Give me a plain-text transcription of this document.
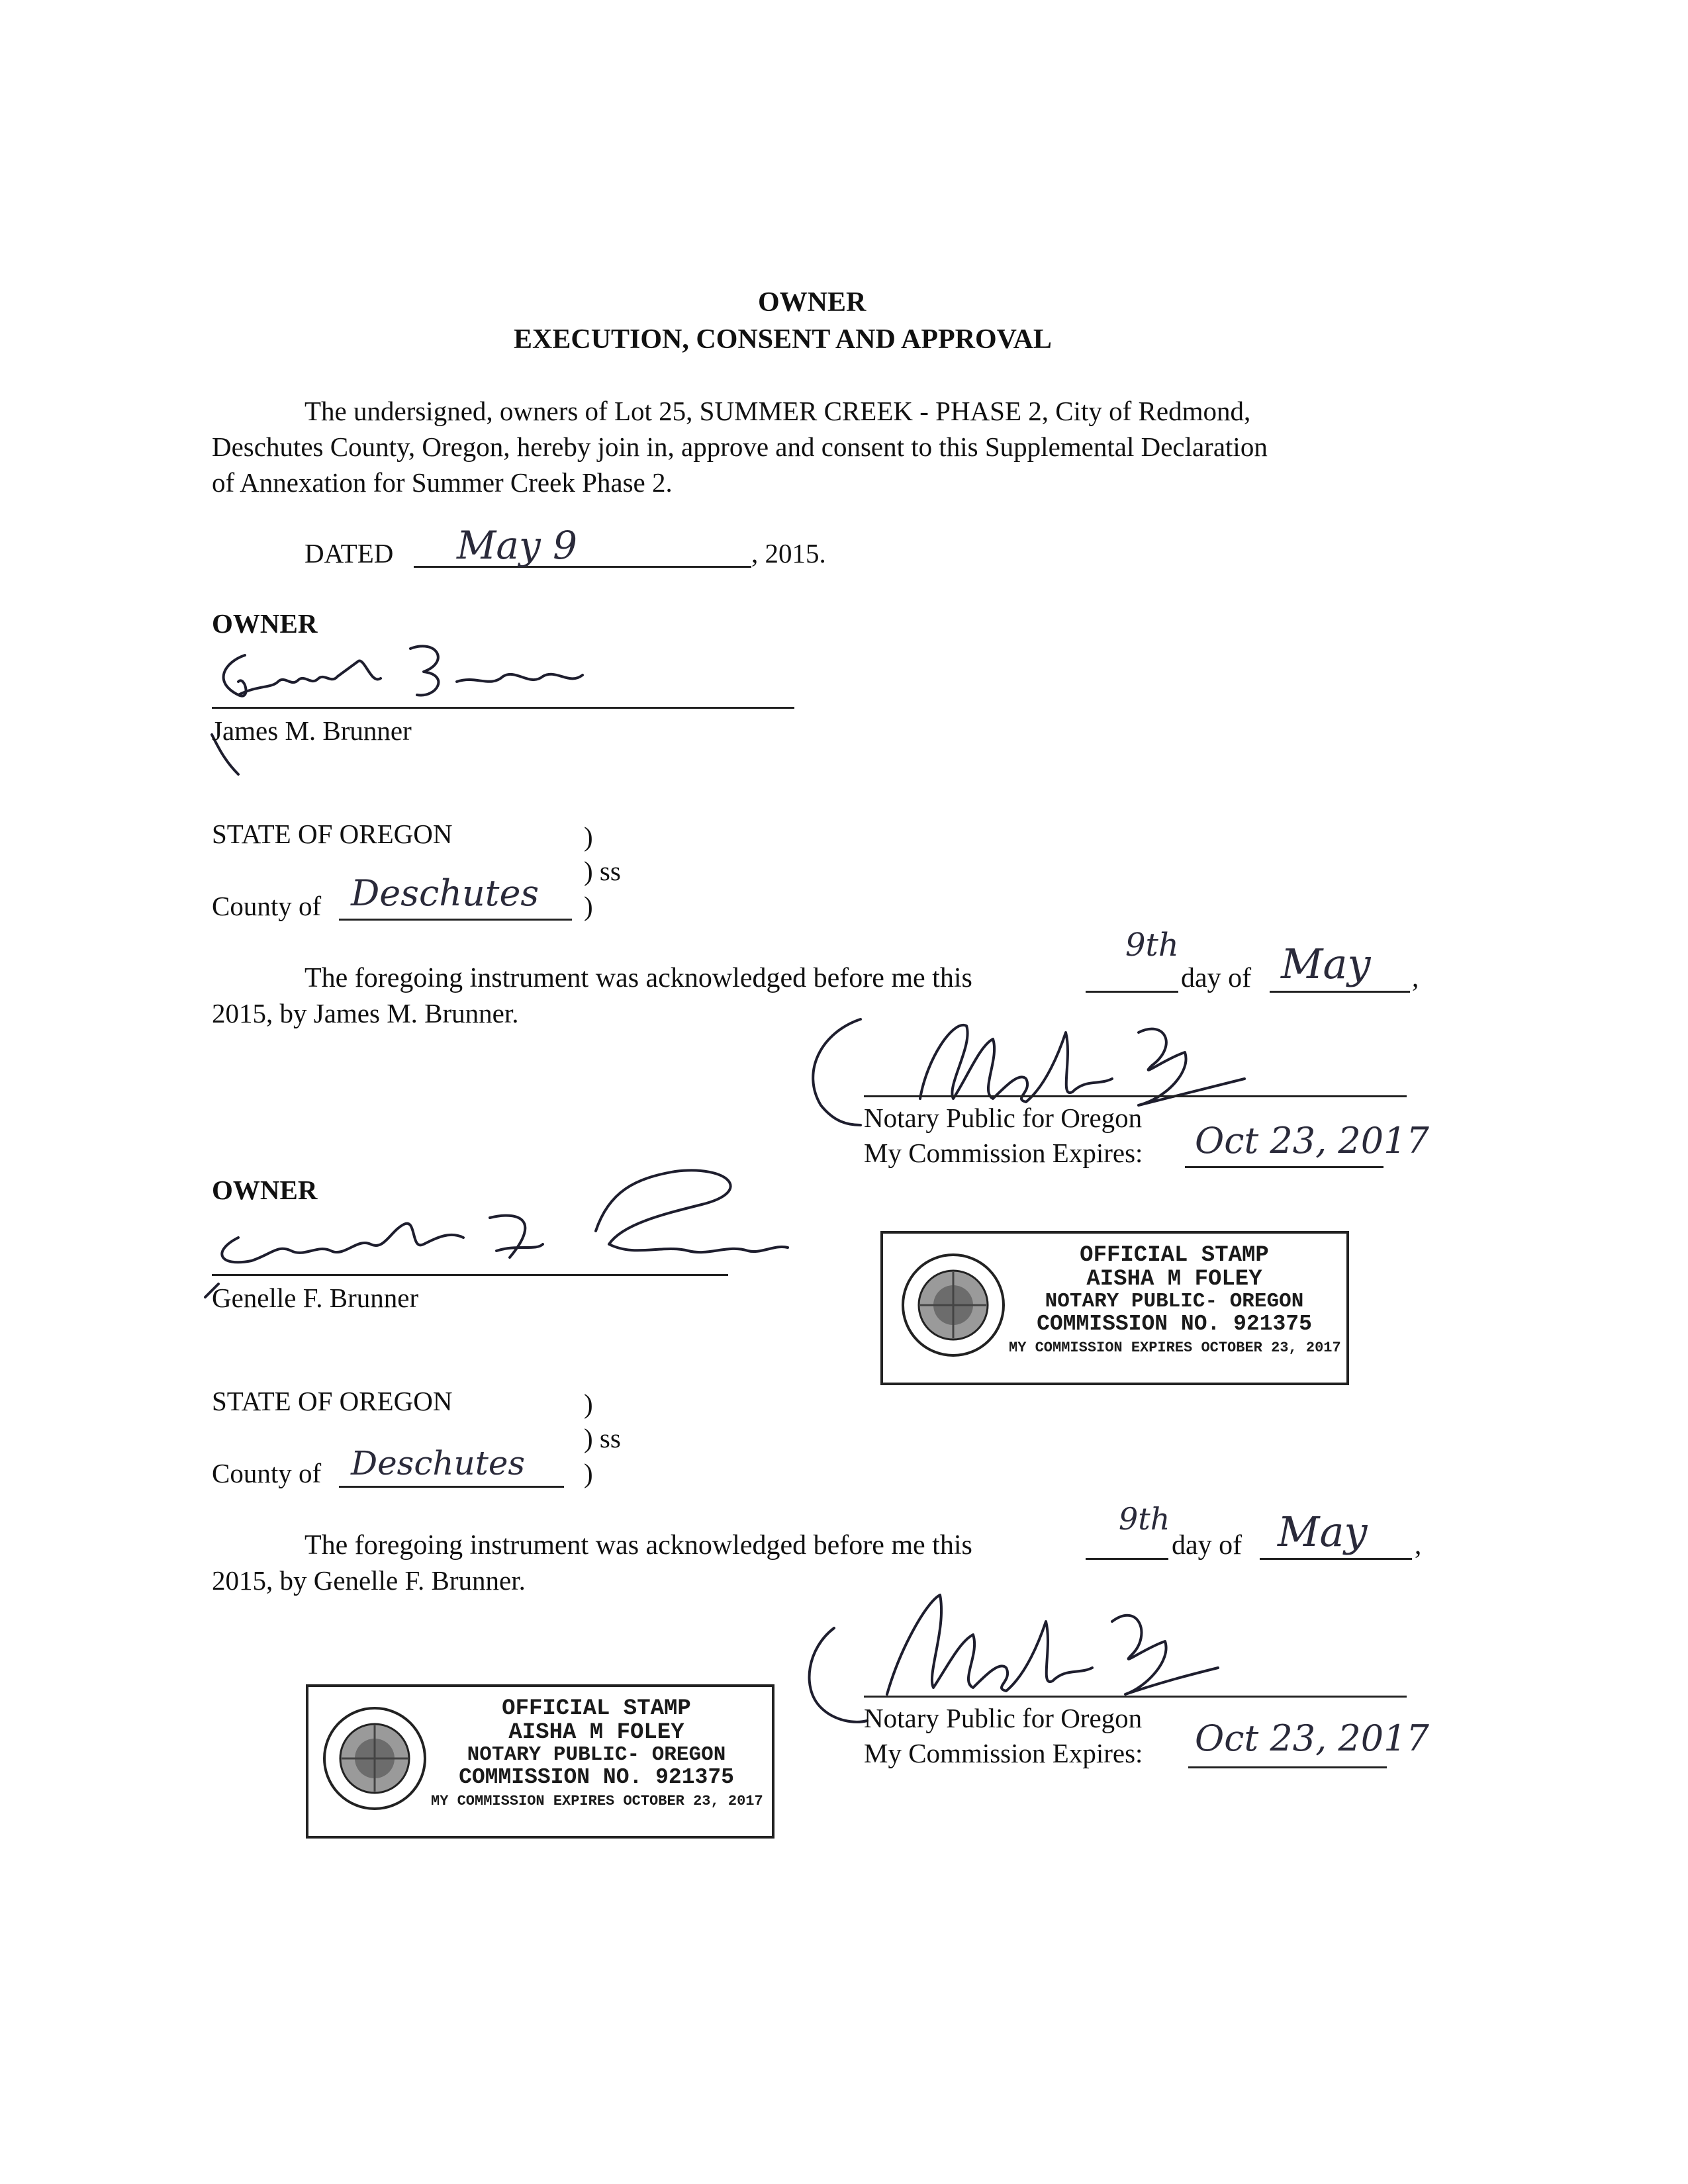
OWNER
EXECUTION, CONSENT AND APPROVAL
The undersigned, owners of Lot 25, SUMMER CREEK - PHASE 2, City of Redmond,
Deschutes County, Oregon, hereby join in, approve and consent to this Supplemental Declaration
of Annexation for Summer Creek Phase 2.
DATED May 9	, 2015.
OWNER
James M. Brunner
STATE OF OREGON	)
) ss
County of Deschutes )
The foregoing instrument was acknowledged before me this
9th
day of May ,
2015, by James M. Brunner.
Notary Public for Oregon
My Commission Expires: Oct 23, 2017
OWNER
Genelle F. Brunner
STATE OF OREGON	)
) ss
County of Deschutes )
The foregoing instrument was acknowledged before me this
9th
day of May ,
2015, by Genelle F. Brunner.
Notary Public for Oregon
My Commission Expires: Oct 23, 2017
OFFICIAL STAMP
AISHA M FOLEY
NOTARY PUBLIC- OREGON
COMMISSION NO. 921375
MY COMMISSION EXPIRES OCTOBER 23, 2017
OFFICIAL STAMP
AISHA M FOLEY
NOTARY PUBLIC- OREGON
COMMISSION NO. 921375
MY COMMISSION EXPIRES OCTOBER 23, 2017
